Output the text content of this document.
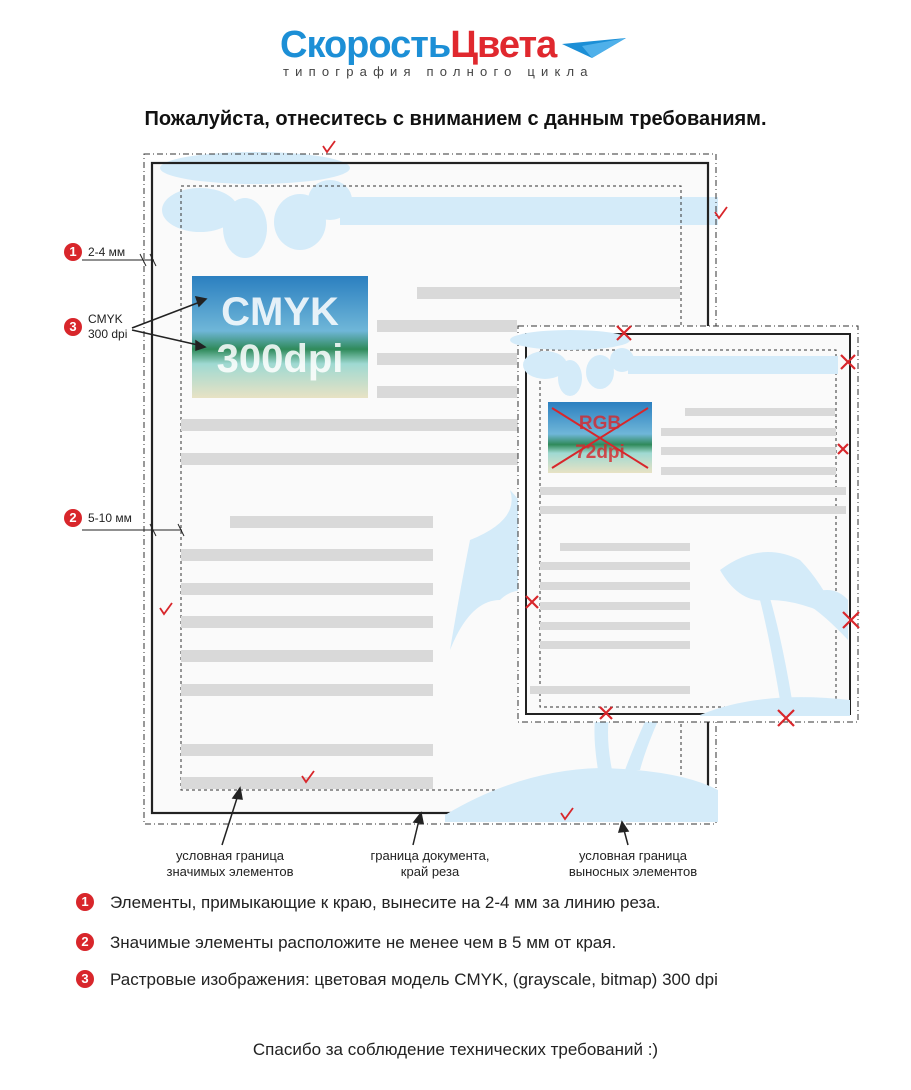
СкоростьЦвета
типография полного цикла
Пожалуйста, отнеситесь с вниманием с данным требованиям.
CMYK
300dpi
RGB
72dpi
1 2-4 мм
3 CMYK
300 dpi
2 5-10 мм
условная граница
значимых элементов
граница документа,
край реза
условная граница
выносных элементов
1 Элементы, примыкающие к краю, вынесите на 2-4 мм за линию реза.
2 Значимые элементы расположите не менее чем в 5 мм от края.
3 Растровые изображения: цветовая модель CMYK, (grayscale, bitmap) 300 dpi
Спасибо за соблюдение технических требований :)
